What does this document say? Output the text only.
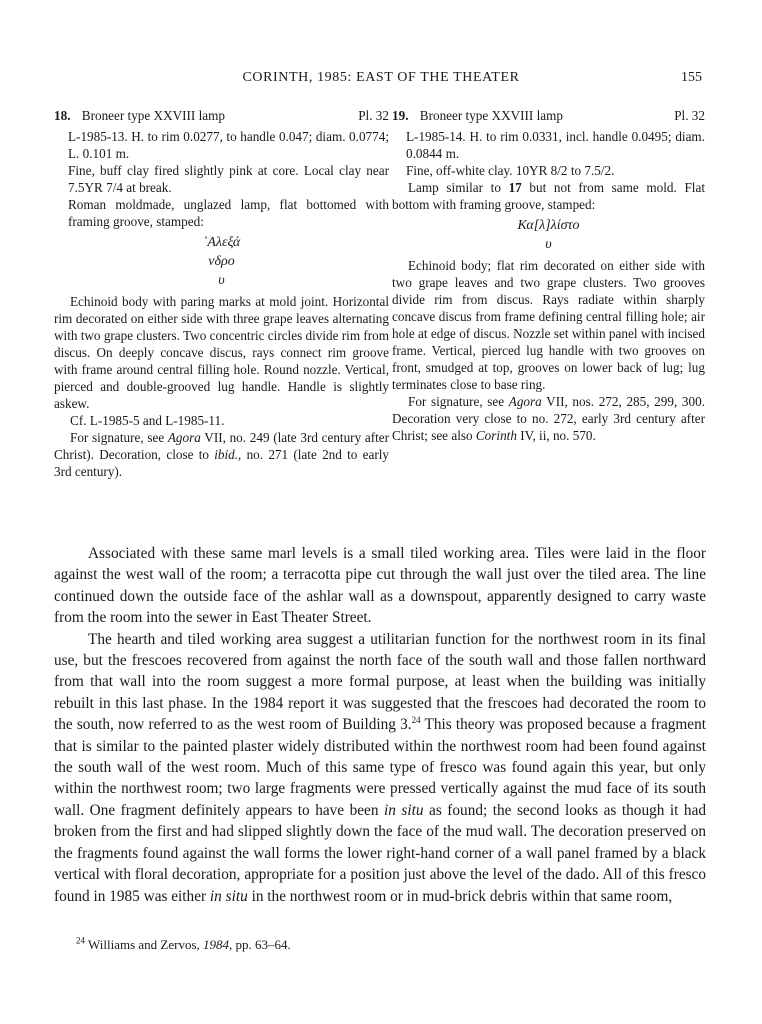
CORINTH, 1985: EAST OF THE THEATER	155
18. Broneer type XXVIII lamp	Pl. 32

L-1985-13. H. to rim 0.0277, to handle 0.047; diam. 0.0774; L. 0.101 m.

Fine, buff clay fired slightly pink at core. Local clay near 7.5YR 7/4 at break.

Roman moldmade, unglazed lamp, flat bottomed with framing groove, stamped:

᾿Αλεξά
νδρο
υ

Echinoid body with paring marks at mold joint. Horizontal rim decorated on either side with three grape leaves alternating with two grape clusters. Two concentric circles divide rim from discus. On deeply concave discus, rays connect rim groove with frame around central filling hole. Round nozzle. Vertical, pierced and double-grooved lug handle. Handle is slightly askew.

Cf. L-1985-5 and L-1985-11.

For signature, see Agora VII, no. 249 (late 3rd century after Christ). Decoration, close to ibid., no. 271 (late 2nd to early 3rd century).

19. Broneer type XXVIII lamp	Pl. 32

L-1985-14. H. to rim 0.0331, incl. handle 0.0495; diam. 0.0844 m.

Fine, off-white clay. 10YR 8/2 to 7.5/2.

Lamp similar to 17 but not from same mold. Flat bottom with framing groove, stamped:

Κα[λ]λίστο
υ

Echinoid body; flat rim decorated on either side with two grape leaves and two grape clusters. Two grooves divide rim from discus. Rays radiate within sharply concave discus from frame defining central filling hole; air hole at edge of discus. Nozzle set within panel with incised frame. Vertical, pierced lug handle with two grooves on front, smudged at top, grooves on lower back of lug; lug terminates close to base ring.

For signature, see Agora VII, nos. 272, 285, 299, 300. Decoration very close to no. 272, early 3rd century after Christ; see also Corinth IV, ii, no. 570.

Associated with these same marl levels is a small tiled working area. Tiles were laid in the floor against the west wall of the room; a terracotta pipe cut through the wall just over the tiled area. The line continued down the outside face of the ashlar wall as a downspout, apparently designed to carry waste from the room into the sewer in East Theater Street.

The hearth and tiled working area suggest a utilitarian function for the northwest room in its final use, but the frescoes recovered from against the north face of the south wall and those fallen northward from that wall into the room suggest a more formal purpose, at least when the building was initially rebuilt in this last phase. In the 1984 report it was suggested that the frescoes had decorated the room to the south, now referred to as the west room of Building 3.24 This theory was proposed because a fragment that is similar to the painted plaster widely distributed within the northwest room had been found against the south wall of the west room. Much of this same type of fresco was found again this year, but only within the northwest room; two large fragments were pressed vertically against the mud face of its south wall. One fragment definitely appears to have been in situ as found; the second looks as though it had broken from the first and had slipped slightly down the face of the mud wall. The decoration preserved on the fragments found against the wall forms the lower right-hand corner of a wall panel framed by a black vertical with floral decoration, appropriate for a position just above the level of the dado. All of this fresco found in 1985 was either in situ in the northwest room or in mud-brick debris within that same room,

$^{24}$ Williams and Zervos, 1984, pp. 63–64.
